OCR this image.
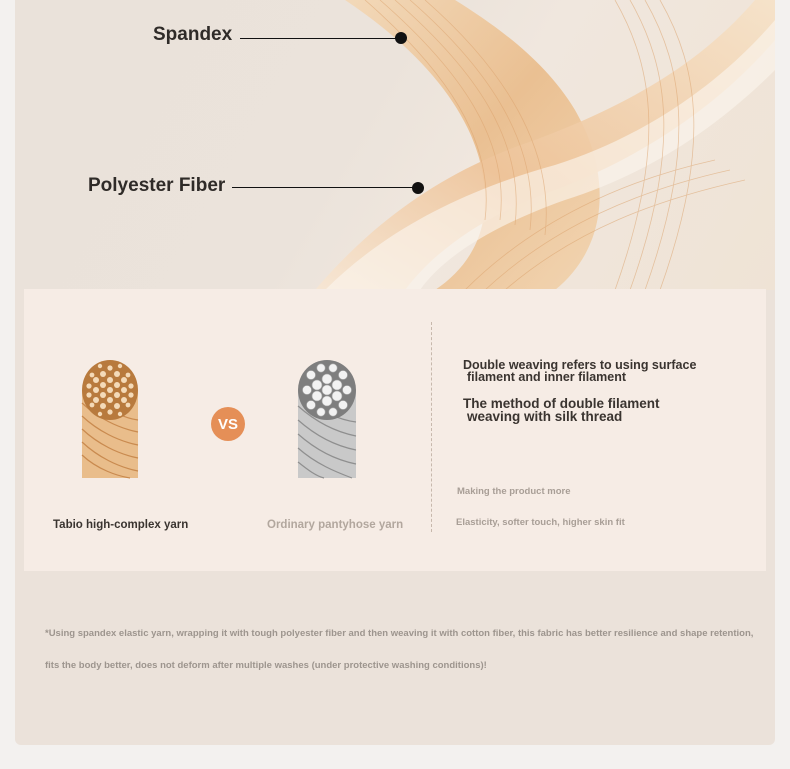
Spandex
Polyester Fiber
VS
Tabio high-complex yarn	Ordinary pantyhose yarn
Double weaving refers to using surface
filament and inner filament
The method of double filament
weaving with silk thread
Making the product more
Elasticity, softer touch, higher skin fit
*Using spandex elastic yarn, wrapping it with tough polyester fiber and then weaving it with cotton fiber, this fabric has better resilience and shape retention, fits the body better, does not deform after multiple washes (under protective washing conditions)!
